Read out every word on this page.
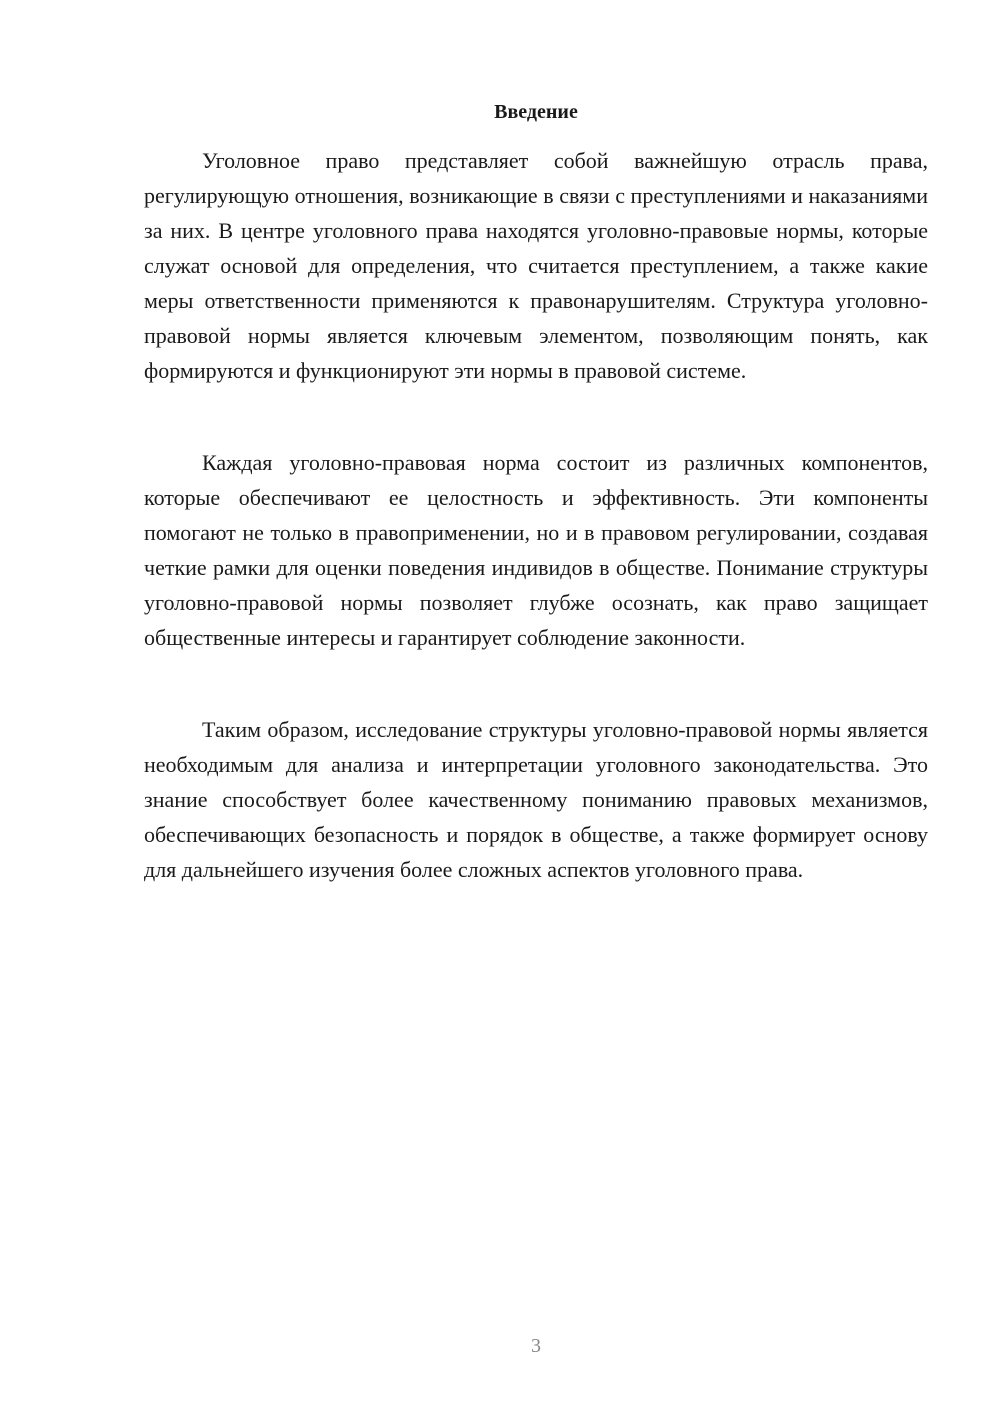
Введение

Уголовное право представляет собой важнейшую отрасль права, регулирующую отношения, возникающие в связи с преступлениями и наказаниями за них. В центре уголовного права находятся уголовно-правовые нормы, которые служат основой для определения, что считается преступлением, а также какие меры ответственности применяются к правонарушителям. Структура уголовно-правовой нормы является ключевым элементом, позволяющим понять, как формируются и функционируют эти нормы в правовой системе.

Каждая уголовно-правовая норма состоит из различных компонентов, которые обеспечивают ее целостность и эффективность. Эти компоненты помогают не только в правоприменении, но и в правовом регулировании, создавая четкие рамки для оценки поведения индивидов в обществе. Понимание структуры уголовно-правовой нормы позволяет глубже осознать, как право защищает общественные интересы и гарантирует соблюдение законности.

Таким образом, исследование структуры уголовно-правовой нормы является необходимым для анализа и интерпретации уголовного законодательства. Это знание способствует более качественному пониманию правовых механизмов, обеспечивающих безопасность и порядок в обществе, а также формирует основу для дальнейшего изучения более сложных аспектов уголовного права.

3
